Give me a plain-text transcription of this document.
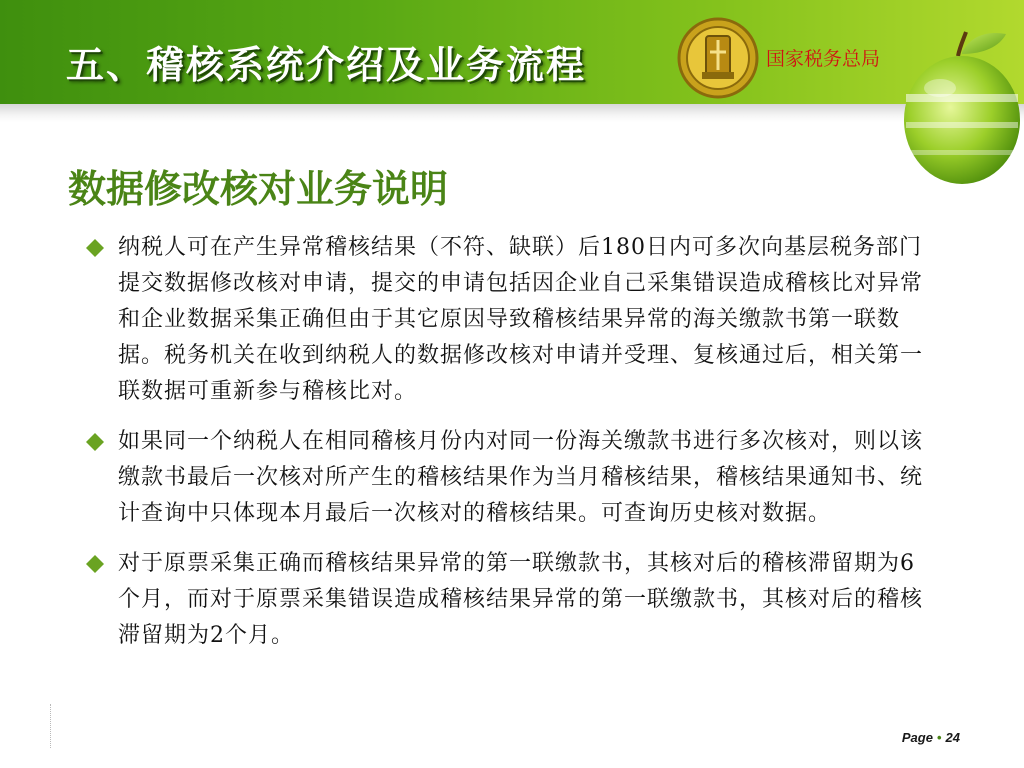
五、稽核系统介绍及业务流程	国家税务总局
数据修改核对业务说明
纳税人可在产生异常稽核结果（不符、缺联）后180日内可多次向基层税务部门提交数据修改核对申请，提交的申请包括因企业自己采集错误造成稽核比对异常和企业数据采集正确但由于其它原因导致稽核结果异常的海关缴款书第一联数据。税务机关在收到纳税人的数据修改核对申请并受理、复核通过后，相关第一联数据可重新参与稽核比对。
如果同一个纳税人在相同稽核月份内对同一份海关缴款书进行多次核对，则以该缴款书最后一次核对所产生的稽核结果作为当月稽核结果，稽核结果通知书、统计查询中只体现本月最后一次核对的稽核结果。可查询历史核对数据。
对于原票采集正确而稽核结果异常的第一联缴款书，其核对后的稽核滞留期为6个月，而对于原票采集错误造成稽核结果异常的第一联缴款书，其核对后的稽核滞留期为2个月。
Page • 24
